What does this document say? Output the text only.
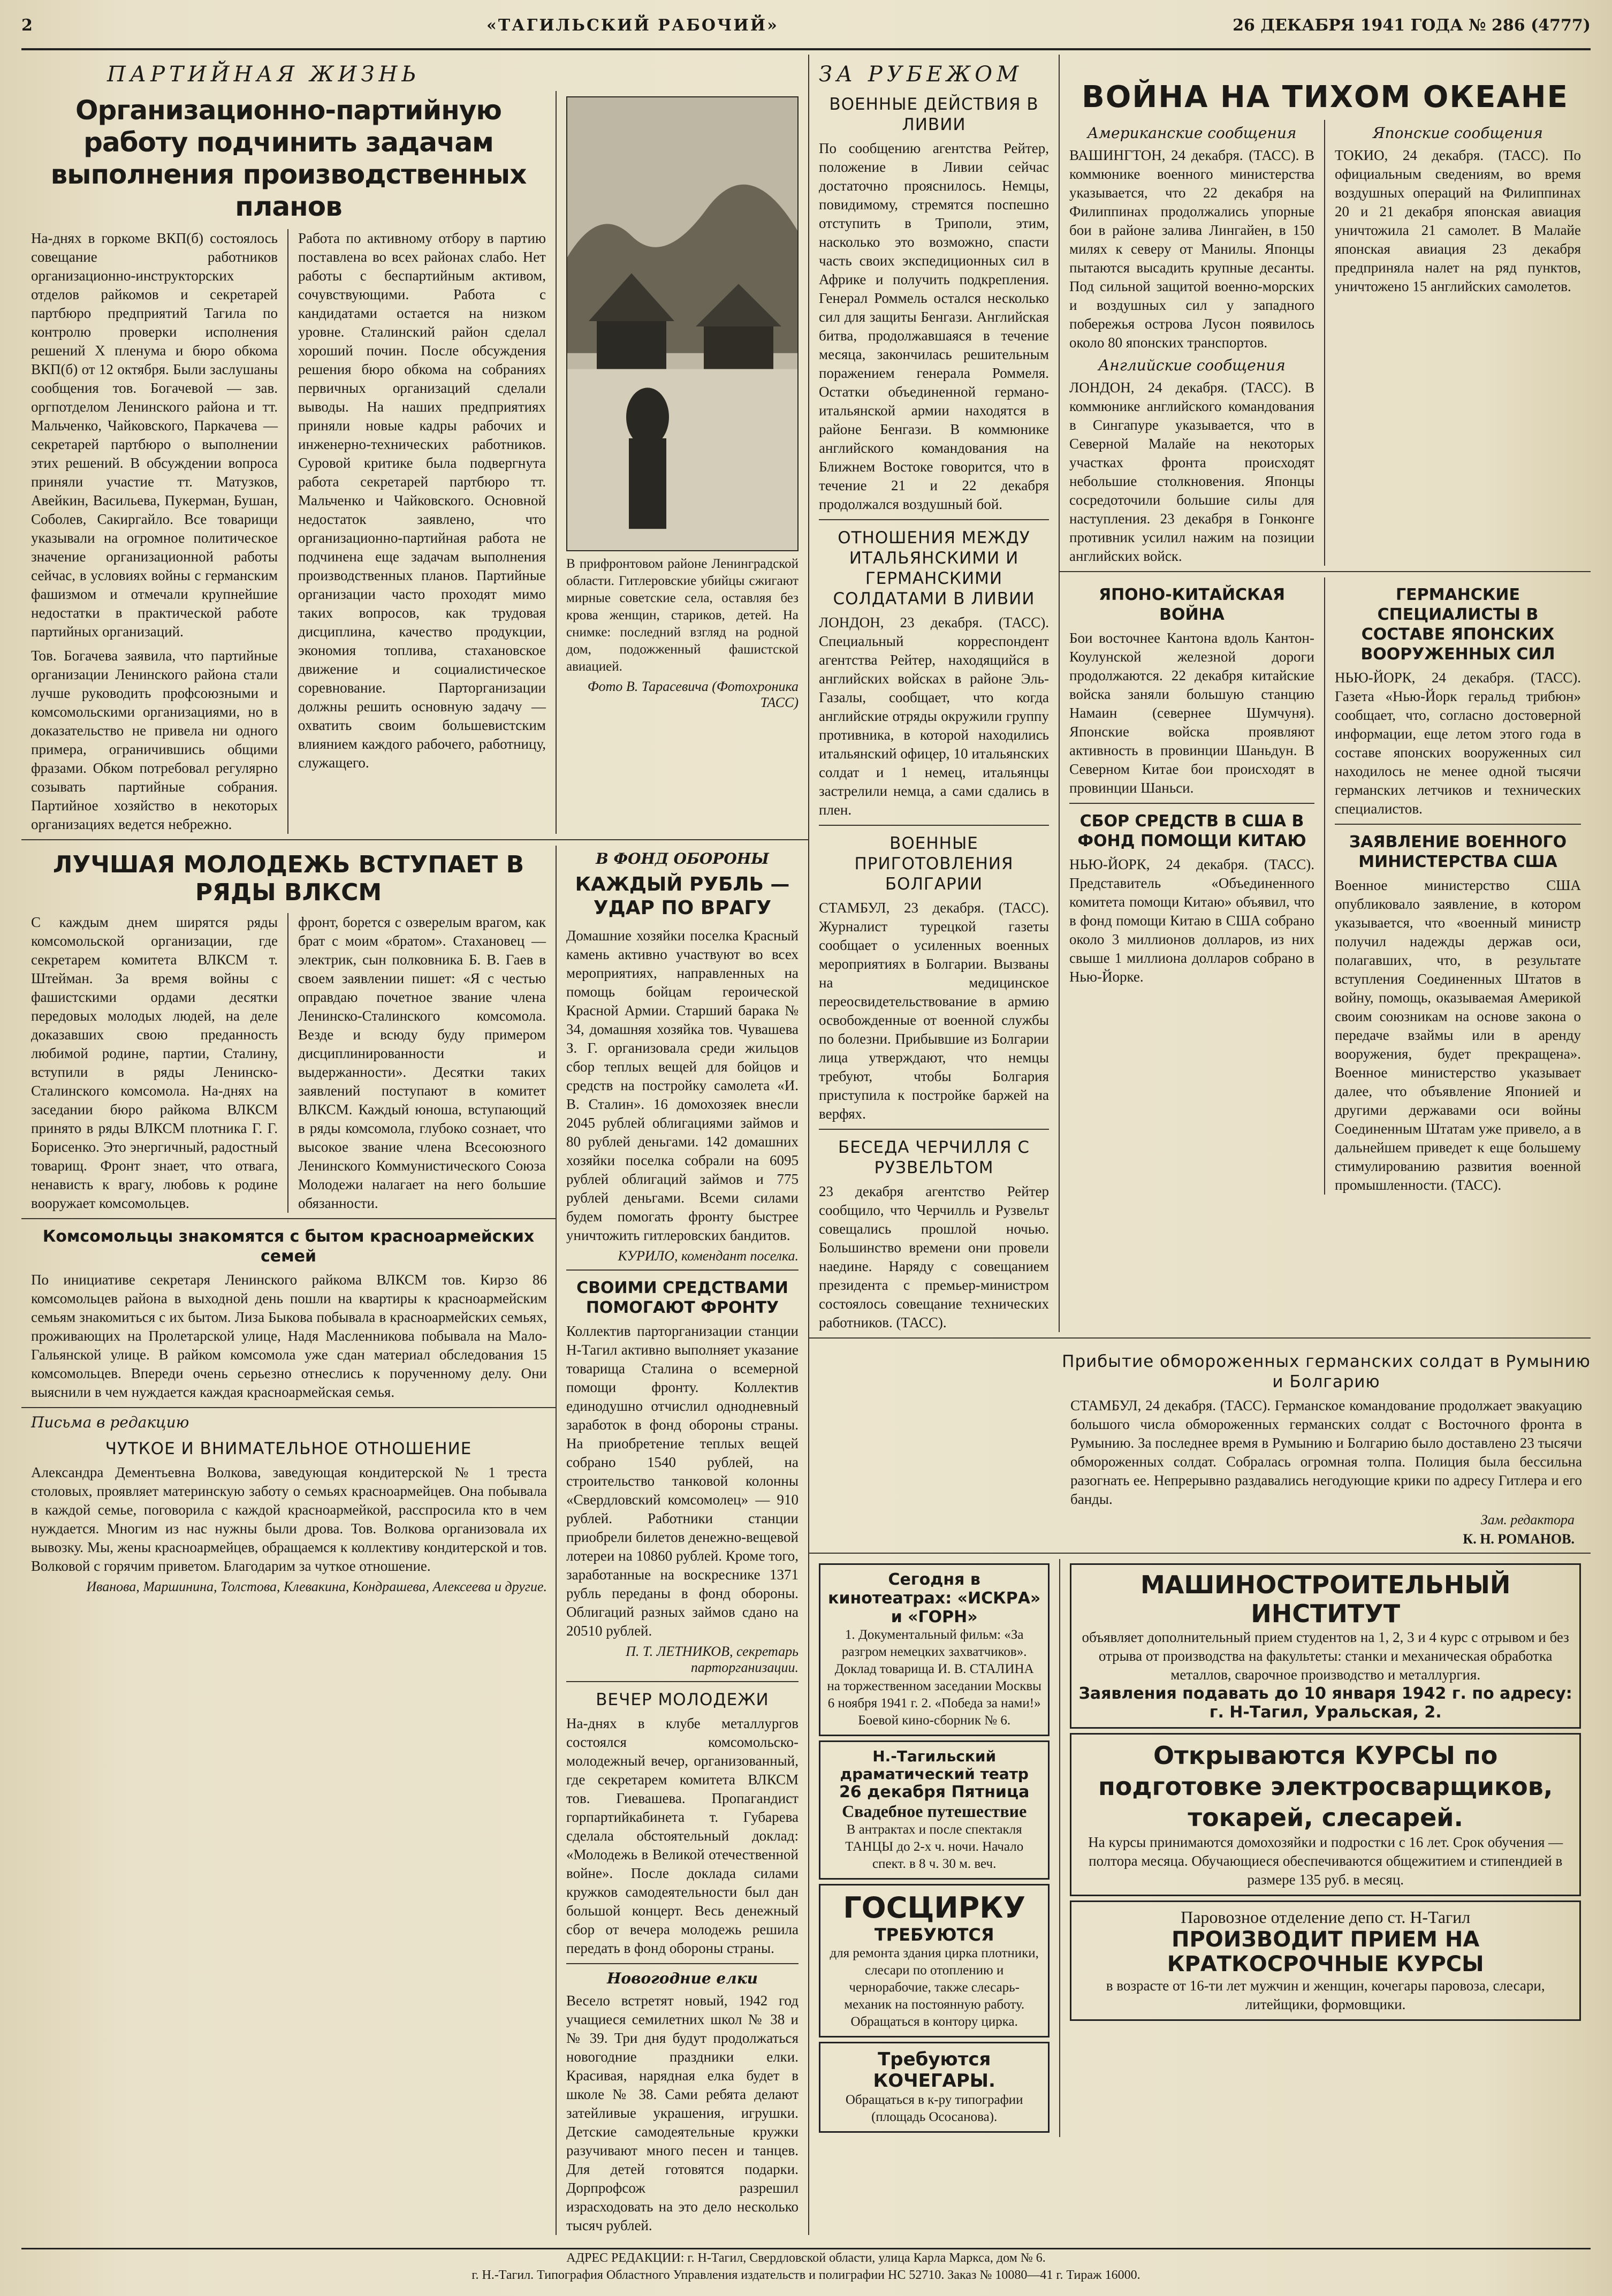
2	«ТАГИЛЬСКИЙ РАБОЧИЙ»	26 ДЕКАБРЯ 1941 ГОДА № 286 (4777)
ПАРТИЙНАЯ ЖИЗНЬ
Организационно-партийную работу подчинить задачам выполнения производственных планов

На-днях в горкоме ВКП(б) состоялось совещание работников организационно-инструкторских отделов райкомов и секретарей партбюро предприятий Тагила по контролю проверки исполнения решений X пленума и бюро обкома ВКП(б) от 12 октября. Были заслушаны сообщения тов. Богачевой — зав. оргпотделом Ленинского района и тт. Мальченко, Чайковского, Паркачева — секретарей партбюро о выполнении этих решений. В обсуждении вопроса приняли участие тт. Матузков, Авейкин, Васильева, Пукерман, Бушан, Соболев, Сакиргайло. Все товарищи указывали на огромное политическое значение организационной работы сейчас, в условиях войны с германским фашизмом и отмечали крупнейшие недостатки в практической работе партийных организаций.

Тов. Богачева заявила, что партийные организации Ленинского района стали лучше руководить профсоюзными и комсомольскими организациями, но в доказательство не привела ни одного примера, ограничившись общими фразами. Обком потребовал регулярно созывать партийные собрания. Партийное хозяйство в некоторых организациях ведется небрежно.

Работа по активному отбору в партию поставлена во всех районах слабо. Нет работы с беспартийным активом, сочувствующими. Работа с кандидатами остается на низком уровне. Сталинский район сделал хороший почин. После обсуждения решения бюро обкома на собраниях первичных организаций сделали выводы. На наших предприятиях приняли новые кадры рабочих и инженерно-технических работников. Суровой критике была подвергнута работа секретарей партбюро тт. Мальченко и Чайковского. Основной недостаток заявлено, что организационно-партийная работа не подчинена еще задачам выполнения производственных планов. Партийные организации часто проходят мимо таких вопросов, как трудовая дисциплина, качество продукции, экономия топлива, стахановское движение и социалистическое соревнование. Парторганизации должны решить основную задачу — охватить своим большевистским влиянием каждого рабочего, работницу, служащего.

В прифронтовом районе Ленинградской области. Гитлеровские убийцы сжигают мирные советские села, оставляя без крова женщин, стариков, детей. На снимке: последний взгляд на родной дом, подожженный фашистской авиацией.

Фото В. Тарасевича (Фотохроника ТАСС)

ЛУЧШАЯ МОЛОДЕЖЬ ВСТУПАЕТ В РЯДЫ ВЛКСМ

С каждым днем ширятся ряды комсомольской организации, где секретарем комитета ВЛКСМ т. Штейман. За время войны с фашистскими ордами десятки передовых молодых людей, на деле доказавших свою преданность любимой родине, партии, Сталину, вступили в ряды Ленинско-Сталинского комсомола. На-днях на заседании бюро райкома ВЛКСМ принято в ряды ВЛКСМ плотника Г. Г. Борисенко. Это энергичный, радостный товарищ. Фронт знает, что отвага, ненависть к врагу, любовь к родине вооружает комсомольцев.

фронт, борется с озверелым врагом, как брат с моим «братом». Стахановец — электрик, сын полковника Б. В. Гаев в своем заявлении пишет: «Я с честью оправдаю почетное звание члена Ленинско-Сталинского комсомола. Везде и всюду буду примером дисциплинированности и выдержанности». Десятки таких заявлений поступают в комитет ВЛКСМ. Каждый юноша, вступающий в ряды комсомола, глубоко сознает, что высокое звание члена Всесоюзного Ленинского Коммунистического Союза Молодежи налагает на него большие обязанности.

Комсомольцы знакомятся с бытом красноармейских семей

По инициативе секретаря Ленинского райкома ВЛКСМ тов. Кирзо 86 комсомольцев района в выходной день пошли на квартиры к красноармейским семьям знакомиться с их бытом. Лиза Быкова побывала в красноармейских семьях, проживающих на Пролетарской улице, Надя Масленникова побывала на Мало-Гальянской улице. В райком комсомола уже сдан материал обследования 15 комсомольцев. Впереди очень серьезно отнеслись к порученному делу. Они выяснили в чем нуждается каждая красноармейская семья.

Письма в редакцию
ЧУТКОЕ И ВНИМАТЕЛЬНОЕ ОТНОШЕНИЕ

Александра Дементьевна Волкова, заведующая кондитерской № 1 треста столовых, проявляет материнскую заботу о семьях красноармейцев. Она побывала в каждой семье, поговорила с каждой красноармейкой, расспросила кто в чем нуждается. Многим из нас нужны были дрова. Тов. Волкова организовала их вывозку. Мы, жены красноармейцев, обращаемся к коллективу кондитерской и тов. Волковой с горячим приветом. Благодарим за чуткое отношение.

Иванова, Маршинина, Толстова, Клевакина, Кондрашева, Алексеева и другие.

В ФОНД ОБОРОНЫ
КАЖДЫЙ РУБЛЬ — УДАР ПО ВРАГУ

Домашние хозяйки поселка Красный камень активно участвуют во всех мероприятиях, направленных на помощь бойцам героической Красной Армии. Старший барака № 34, домашняя хозяйка тов. Чувашева З. Г. организовала среди жильцов сбор теплых вещей для бойцов и средств на постройку самолета «И. В. Сталин». 16 домохозяек внесли 2045 рублей облигациями займов и 80 рублей деньгами. 142 домашних хозяйки поселка собрали на 6095 рублей облигаций займов и 775 рублей деньгами. Всеми силами будем помогать фронту быстрее уничтожить гитлеровских бандитов.

КУРИЛО, комендант поселка.

СВОИМИ СРЕДСТВАМИ ПОМОГАЮТ ФРОНТУ

Коллектив парторганизации станции Н-Тагил активно выполняет указание товарища Сталина о всемерной помощи фронту. Коллектив единодушно отчислил однодневный заработок в фонд обороны страны. На приобретение теплых вещей собрано 1540 рублей, на строительство танковой колонны «Свердловский комсомолец» — 910 рублей. Работники станции приобрели билетов денежно-вещевой лотереи на 10860 рублей. Кроме того, заработанные на воскреснике 1371 рубль переданы в фонд обороны. Облигаций разных займов сдано на 20510 рублей.

П. Т. ЛЕТНИКОВ, секретарь парторганизации.

ВЕЧЕР МОЛОДЕЖИ

На-днях в клубе металлургов состоялся комсомольско-молодежный вечер, организованный, где секретарем комитета ВЛКСМ тов. Гиевашева. Пропагандист горпартийкабинета т. Губарева сделала обстоятельный доклад: «Молодежь в Великой отечественной войне». После доклада силами кружков самодеятельности был дан большой концерт. Весь денежный сбор от вечера молодежь решила передать в фонд обороны страны.

Новогодние елки

Весело встретят новый, 1942 год учащиеся семилетних школ № 38 и № 39. Три дня будут продолжаться новогодние праздники елки. Красивая, нарядная елка будет в школе № 38. Сами ребята делают затейливые украшения, игрушки. Детские самодеятельные кружки разучивают много песен и танцев. Для детей готовятся подарки. Дорпрофсож разрешил израсходовать на это дело несколько тысяч рублей.

ЗА РУБЕЖОМ
ВОЕННЫЕ ДЕЙСТВИЯ В ЛИВИИ

По сообщению агентства Рейтер, положение в Ливии сейчас достаточно прояснилось. Немцы, повидимому, стремятся поспешно отступить в Триполи, этим, насколько это возможно, спасти часть своих экспедиционных сил в Африке и получить подкрепления. Генерал Роммель остался несколько сил для защиты Бенгази. Английская битва, продолжавшаяся в течение месяца, закончилась решительным поражением генерала Роммеля. Остатки объединенной германо-итальянской армии находятся в районе Бенгази. В коммюнике английского командования на Ближнем Востоке говорится, что в течение 21 и 22 декабря продолжался воздушный бой.

ОТНОШЕНИЯ МЕЖДУ ИТАЛЬЯНСКИМИ И ГЕРМАНСКИМИ СОЛДАТАМИ В ЛИВИИ

ЛОНДОН, 23 декабря. (ТАСС). Специальный корреспондент агентства Рейтер, находящийся в английских войсках в районе Эль-Газалы, сообщает, что когда английские отряды окружили группу противника, в которой находились итальянский офицер, 10 итальянских солдат и 1 немец, итальянцы застрелили немца, а сами сдались в плен.

ВОЕННЫЕ ПРИГОТОВЛЕНИЯ БОЛГАРИИ

СТАМБУЛ, 23 декабря. (ТАСС). Журналист турецкой газеты сообщает о усиленных военных мероприятиях в Болгарии. Вызваны на медицинское переосвидетельствование в армию освобожденные от военной службы по болезни. Прибывшие из Болгарии лица утверждают, что немцы требуют, чтобы Болгария приступила к постройке баржей на верфях.

БЕСЕДА ЧЕРЧИЛЛЯ С РУЗВЕЛЬТОМ

23 декабря агентство Рейтер сообщило, что Черчилль и Рузвельт совещались прошлой ночью. Большинство времени они провели наедине. Наряду с совещанием президента с премьер-министром состоялось совещание технических работников. (ТАСС).

ВОЙНА НА ТИХОМ ОКЕАНЕ
Американские сообщения

ВАШИНГТОН, 24 декабря. (ТАСС). В коммюнике военного министерства указывается, что 22 декабря на Филиппинах продолжались упорные бои в районе залива Лингайен, в 150 милях к северу от Манилы. Японцы пытаются высадить крупные десанты. Под сильной защитой военно-морских и воздушных сил у западного побережья острова Лусон появилось около 80 японских транспортов.

Английские сообщения

ЛОНДОН, 24 декабря. (ТАСС). В коммюнике английского командования в Сингапуре указывается, что в Северной Малайе на некоторых участках фронта происходят небольшие столкновения. Японцы сосредоточили большие силы для наступления. 23 декабря в Гонконге противник усилил нажим на позиции английских войск.

Японские сообщения

ТОКИО, 24 декабря. (ТАСС). По официальным сведениям, во время воздушных операций на Филиппинах 20 и 21 декабря японская авиация уничтожила 21 самолет. В Малайе японская авиация 23 декабря предприняла налет на ряд пунктов, уничтожено 15 английских самолетов.

ЯПОНО-КИТАЙСКАЯ ВОЙНА

Бои восточнее Кантона вдоль Кантон-Коулунской железной дороги продолжаются. 22 декабря китайские войска заняли большую станцию Намаин (севернее Шумчуня). Японские войска проявляют активность в провинции Шаньдун. В Северном Китае бои происходят в провинции Шаньси.

СБОР СРЕДСТВ В США В ФОНД ПОМОЩИ КИТАЮ

НЬЮ-ЙОРК, 24 декабря. (ТАСС). Представитель «Объединенного комитета помощи Китаю» объявил, что в фонд помощи Китаю в США собрано около 3 миллионов долларов, из них свыше 1 миллиона долларов собрано в Нью-Йорке.

ГЕРМАНСКИЕ СПЕЦИАЛИСТЫ В СОСТАВЕ ЯПОНСКИХ ВООРУЖЕННЫХ СИЛ

НЬЮ-ЙОРК, 24 декабря. (ТАСС). Газета «Нью-Йорк геральд трибюн» сообщает, что, согласно достоверной информации, еще летом этого года в составе японских вооруженных сил находилось не менее одной тысячи германских летчиков и технических специалистов.

ЗАЯВЛЕНИЕ ВОЕННОГО МИНИСТЕРСТВА США

Военное министерство США опубликовало заявление, в котором указывается, что «военный министр получил надежды держав оси, полагавших, что, в результате вступления Соединенных Штатов в войну, помощь, оказываемая Америкой своим союзникам на основе закона о передаче взаймы или в аренду вооружения, будет прекращена». Военное министерство указывает далее, что объявление Японией и другими державами оси войны Соединенным Штатам уже привело, а в дальнейшем приведет к еще большему стимулированию развития военной промышленности. (ТАСС).

Прибытие обмороженных германских солдат в Румынию и Болгарию

СТАМБУЛ, 24 декабря. (ТАСС). Германское командование продолжает эвакуацию большого числа обмороженных германских солдат с Восточного фронта в Румынию. За последнее время в Румынию и Болгарию было доставлено 23 тысячи обмороженных солдат. Собралась огромная толпа. Полиция была бессильна разогнать ее. Непрерывно раздавались негодующие крики по адресу Гитлера и его банды.

Зам. редактора

К. Н. РОМАНОВ.

Сегодня в кинотеатрах: «ИСКРА» и «ГОРН»

1. Документальный фильм: «За разгром немецких захватчиков». Доклад товарища И. В. СТАЛИНА на торжественном заседании Москвы 6 ноября 1941 г. 2. «Победа за нами!» Боевой кино-сборник № 6.

Н.-Тагильский драматический театр
26 декабря Пятница
Свадебное путешествие

В антрактах и после спектакля ТАНЦЫ до 2-х ч. ночи. Начало спект. в 8 ч. 30 м. веч.

ГОСЦИРКУ
ТРЕБУЮТСЯ

для ремонта здания цирка плотники, слесари по отоплению и чернорабочие, также слесарь-механик на постоянную работу. Обращаться в контору цирка.

Требуются КОЧЕГАРЫ.

Обращаться в к-ру типографии (площадь Ососанова).

МАШИНОСТРОИТЕЛЬНЫЙ ИНСТИТУТ

объявляет дополнительный прием студентов на 1, 2, 3 и 4 курс с отрывом и без отрыва от производства на факультеты: станки и механическая обработка металлов, сварочное производство и металлургия.

Заявления подавать до 10 января 1942 г. по адресу: г. Н-Тагил, Уральская, 2.
Открываются КУРСЫ по подготовке электросварщиков, токарей, слесарей.

На курсы принимаются домохозяйки и подростки с 16 лет. Срок обучения — полтора месяца. Обучающиеся обеспечиваются общежитием и стипендией в размере 135 руб. в месяц.

Паровозное отделение депо ст. Н-Тагил
ПРОИЗВОДИТ ПРИЕМ НА КРАТКОСРОЧНЫЕ КУРСЫ

в возрасте от 16-ти лет мужчин и женщин, кочегары паровоза, слесари, литейщики, формовщики.

АДРЕС РЕДАКЦИИ: г. Н-Тагил, Свердловской области, улица Карла Маркса, дом № 6.
г. Н.-Тагил. Типография Областного Управления издательств и полиграфии НС 52710. Заказ № 10080—41 г. Тираж 16000.
